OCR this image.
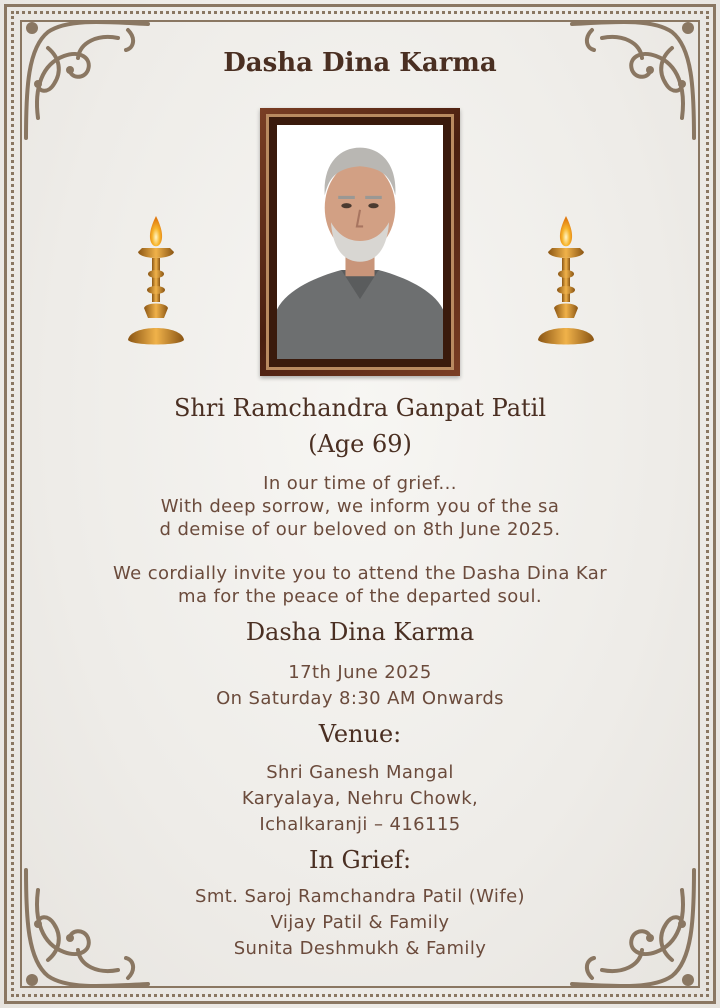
Dasha Dina Karma
Shri Ramchandra Ganpat Patil
(Age 69)
In our time of grief...
With deep sorrow, we inform you of the sa
d demise of our beloved on 8th June 2025.
We cordially invite you to attend the Dasha Dina Kar
ma for the peace of the departed soul.
Dasha Dina Karma
17th June 2025
On Saturday 8:30 AM Onwards
Venue:
Shri Ganesh Mangal
Karyalaya, Nehru Chowk,
Ichalkaranji – 416115
In Grief:
Smt. Saroj Ramchandra Patil (Wife)
Vijay Patil & Family
Sunita Deshmukh & Family
